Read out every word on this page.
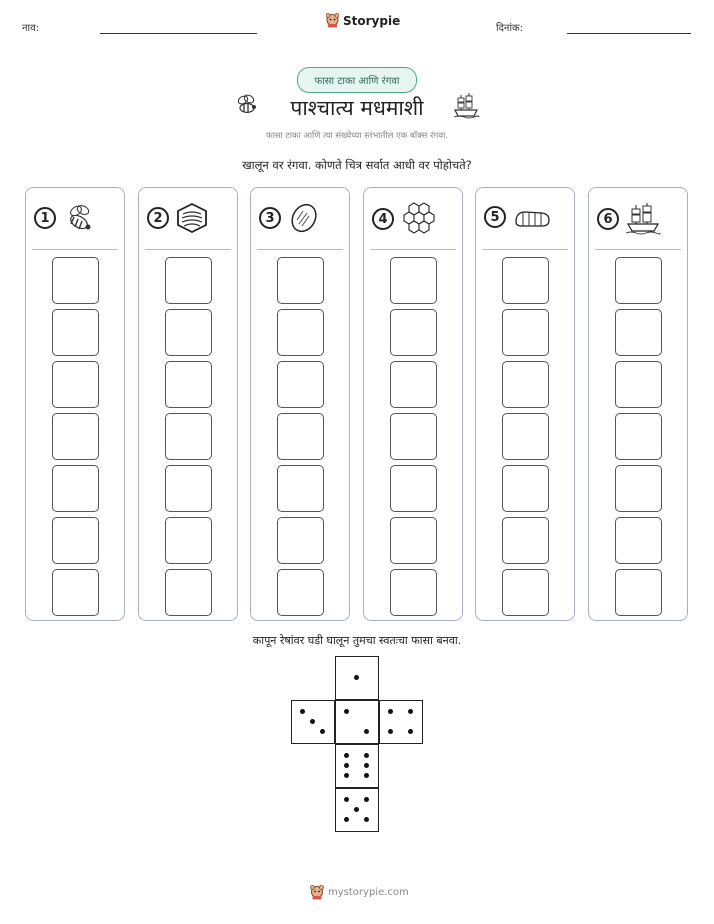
नाव:
Storypie
दिनांक:
फासा टाका आणि रंगवा
पाश्चात्य मधमाशी
फासा टाका आणि त्या संख्येच्या स्तंभातील एक बॉक्स रंगवा.
खालून वर रंगवा. कोणते चित्र सर्वात आधी वर पोहोचते?
1	2	3	4	5	6
कापून रेषांवर घडी घालून तुमचा स्वतःचा फासा बनवा.
mystorypie.com
